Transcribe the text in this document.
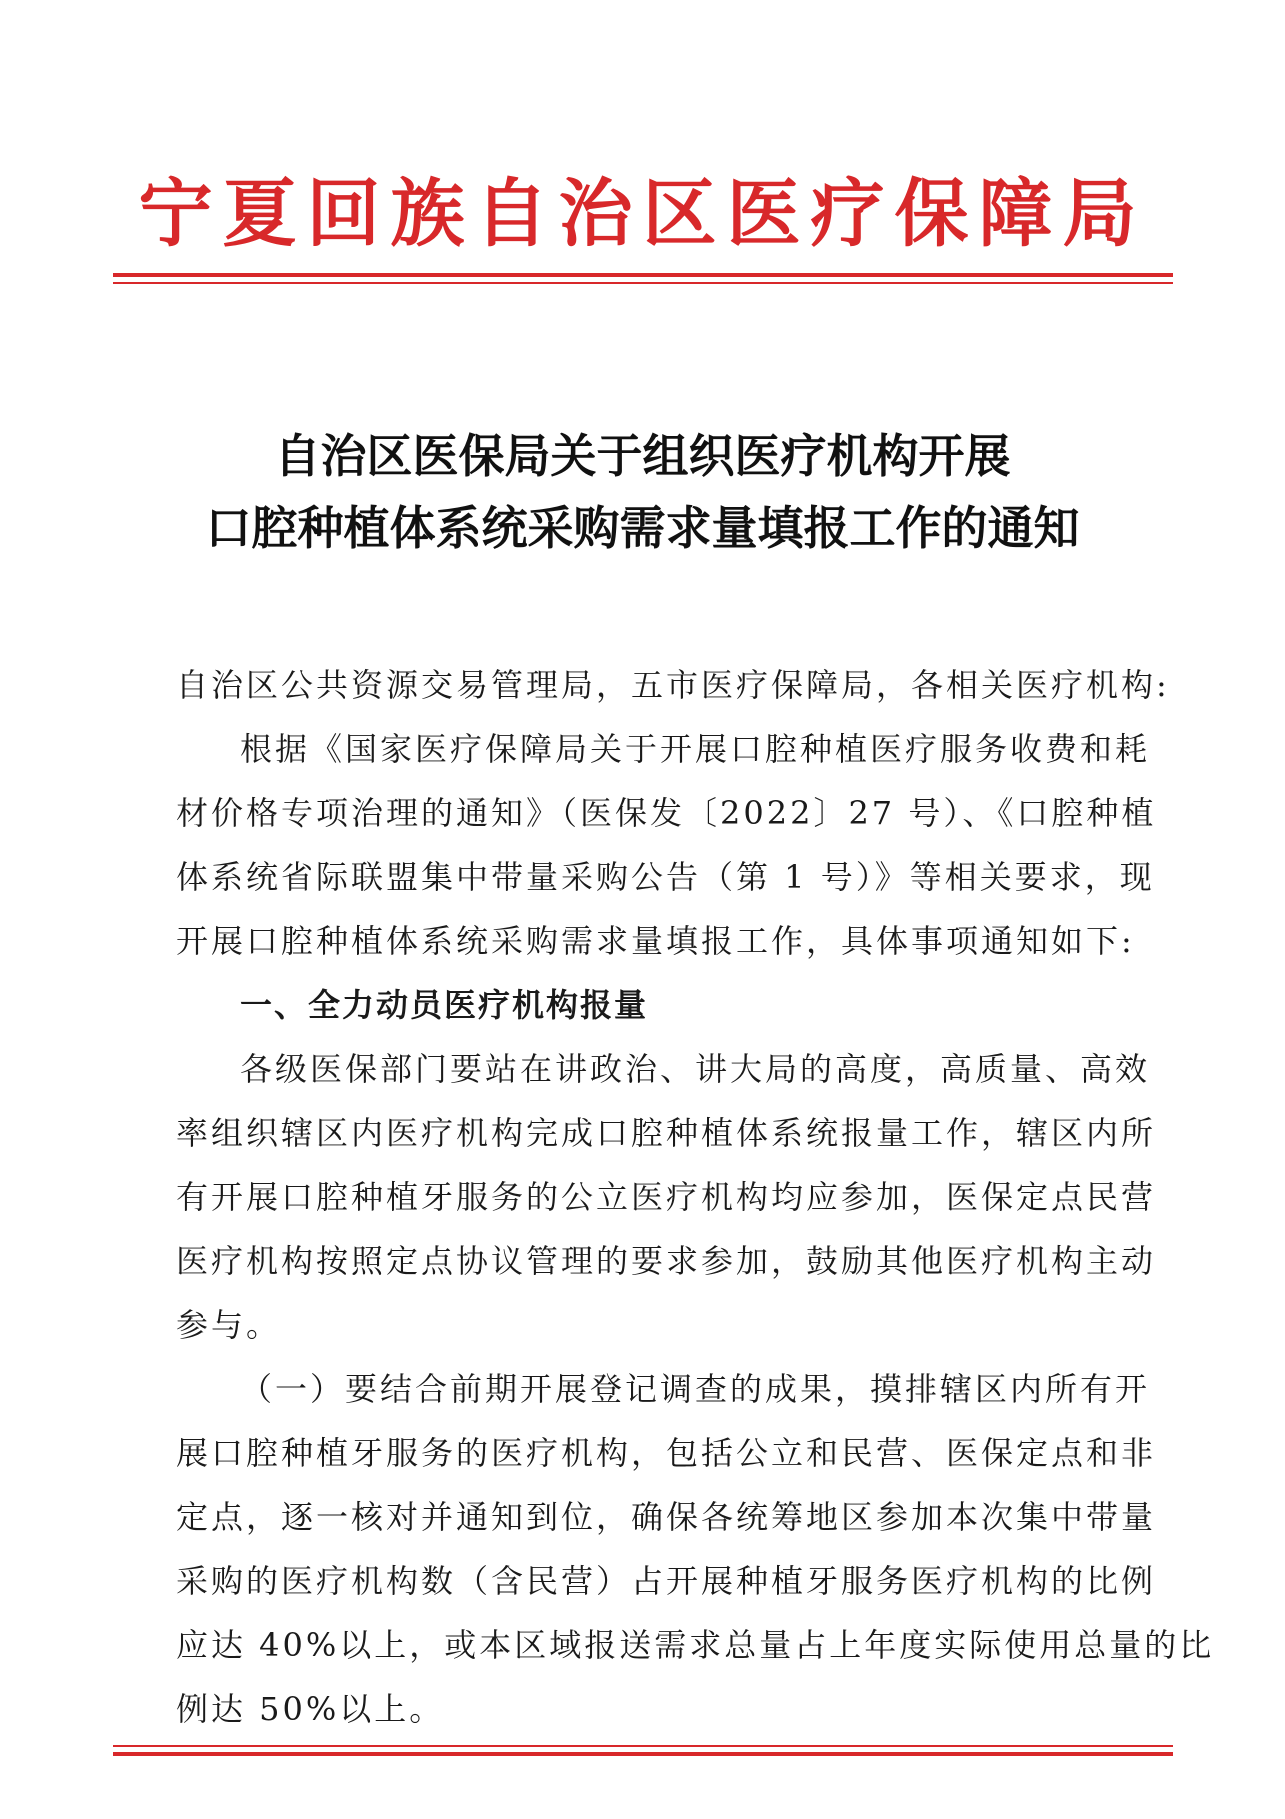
宁夏回族自治区医疗保障局
自治区医保局关于组织医疗机构开展
口腔种植体系统采购需求量填报工作的通知
自治区公共资源交易管理局，五市医疗保障局，各相关医疗机构:
根据《国家医疗保障局关于开展口腔种植医疗服务收费和耗
材价格专项治理的通知》（医保发〔2022〕27 号）、《口腔种植
体系统省际联盟集中带量采购公告（第 1 号）》等相关要求，现
开展口腔种植体系统采购需求量填报工作，具体事项通知如下:
一、全力动员医疗机构报量
各级医保部门要站在讲政治、讲大局的高度，高质量、高效
率组织辖区内医疗机构完成口腔种植体系统报量工作，辖区内所
有开展口腔种植牙服务的公立医疗机构均应参加，医保定点民营
医疗机构按照定点协议管理的要求参加，鼓励其他医疗机构主动
参与。
（一）要结合前期开展登记调查的成果，摸排辖区内所有开
展口腔种植牙服务的医疗机构，包括公立和民营、医保定点和非
定点，逐一核对并通知到位，确保各统筹地区参加本次集中带量
采购的医疗机构数（含民营）占开展种植牙服务医疗机构的比例
应达 40%以上，或本区域报送需求总量占上年度实际使用总量的比
例达 50%以上。
